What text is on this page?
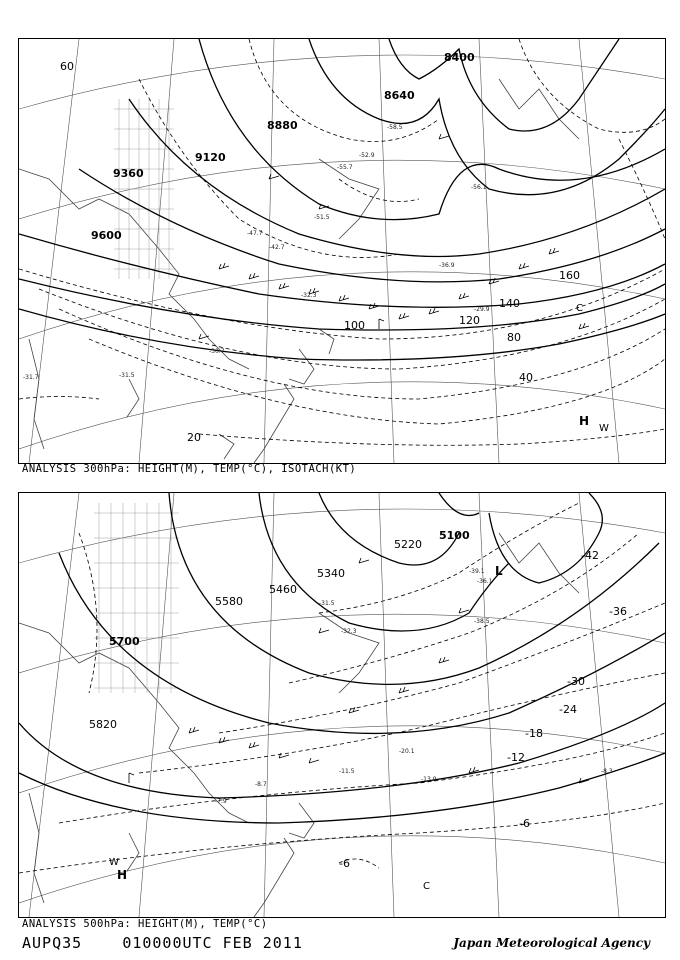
9600
9360
9120
8880
8640
8400
160
140
120
100
80
60
40
20
-29.9
-31.5
-31.7
-32.3
-30.7
-36.9
-42.7
-47.7
-51.5
-52.9
-55.7
-58.5
-56.1
H
W
C
ANALYSIS 300hPa: HEIGHT(M), TEMP(°C), ISOTACH(KT)
5820
5700
5580
5460
5340
5220
5100
-42
-36
-30
-24
-18
-12
-6
-6
-31.5
-32.3
-39.1
-38.5
-36.1
-20.1
-13.9
-11.5
-8.7
-7.9
-8.3
L
H
W
C
ANALYSIS 500hPa: HEIGHT(M), TEMP(°C)
AUPQ35	010000UTC FEB 2011	Japan Meteorological Agency
